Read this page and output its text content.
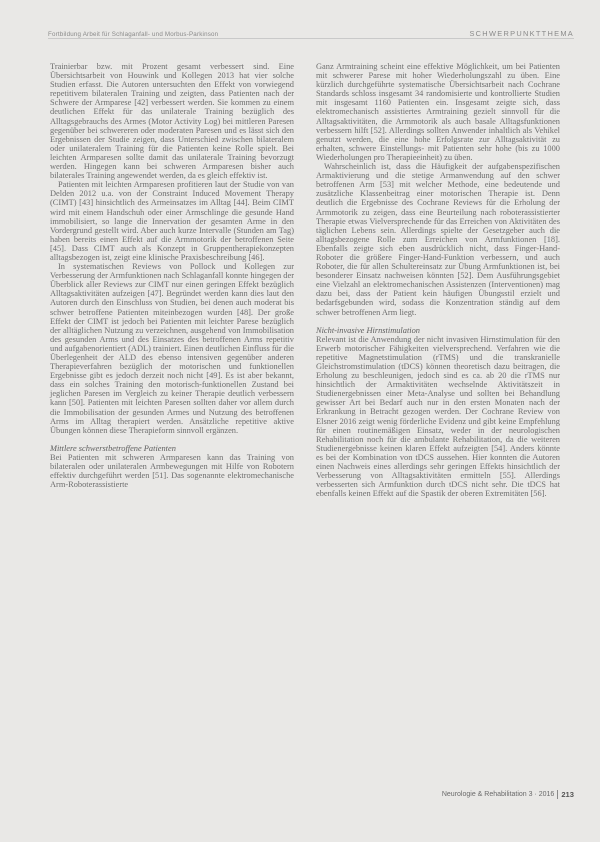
Fortbildung Arbeit für Schlaganfall- und Morbus-Parkinson	SCHWERPUNKTTHEMA

Trainierbar bzw. mit Prozent gesamt verbessert sind. Eine Übersichtsarbeit von Houwink und Kollegen 2013 hat vier solche Studien erfasst. Die Autoren untersuchten den Effekt von vorwiegend repetitivem bilateralen Training und zeigten, dass Patienten nach der Schwere der Armparese [42] verbessert werden. Sie kommen zu einem deutlichen Effekt für das unilaterale Training bezüglich des Alltagsgebrauchs des Armes (Motor Activity Log) bei mittleren Paresen gegenüber bei schwereren oder moderaten Paresen und es lässt sich den Ergebnissen der Studie zeigen, dass Unterschied zwischen bilateralem oder unilateralem Training für die Patienten keine Rolle spielt. Bei leichten Armparesen sollte damit das unilaterale Training bevorzugt werden. Hingegen kann bei schweren Armparesen bisher auch bilaterales Training angewendet werden, da es gleich effektiv ist.

Patienten mit leichten Armparesen profitieren laut der Studie von van Delden 2012 u.a. von der Constraint Induced Movement Therapy (CIMT) [43] hinsichtlich des Armeinsatzes im Alltag [44]. Beim CIMT wird mit einem Handschuh oder einer Armschlinge die gesunde Hand immobilisiert, so lange die Innervation der gesamten Arme in den Vordergrund gestellt wird. Aber auch kurze Intervalle (Stunden am Tag) haben bereits einen Effekt auf die Armmotorik der betroffenen Seite [45]. Dass CIMT auch als Konzept in Gruppentherapiekonzepten alltagsbezogen ist, zeigt eine klinische Praxisbeschreibung [46].

In systematischen Reviews von Pollock und Kollegen zur Verbesserung der Armfunktionen nach Schlaganfall konnte hingegen der Überblick aller Reviews zur CIMT nur einen geringen Effekt bezüglich Alltagsaktivitäten aufzeigen [47]. Begründet werden kann dies laut den Autoren durch den Einschluss von Studien, bei denen auch moderat bis schwer betroffene Patienten miteinbezogen wurden [48]. Der große Effekt der CIMT ist jedoch bei Patienten mit leichter Parese bezüglich der alltäglichen Nutzung zu verzeichnen, ausgehend von Immobilisation des gesunden Arms und des Einsatzes des betroffenen Arms repetitiv und aufgabenorientiert (ADL) trainiert. Einen deutlichen Einfluss für die Überlegenheit der ALD des ebenso intensiven gegenüber anderen Therapieverfahren bezüglich der motorischen und funktionellen Ergebnisse gibt es jedoch derzeit noch nicht [49]. Es ist aber bekannt, dass ein solches Training den motorisch-funktionellen Zustand bei jeglichen Paresen im Vergleich zu keiner Therapie deutlich verbessern kann [50]. Patienten mit leichten Paresen sollten daher vor allem durch die Immobilisation der gesunden Armes und Nutzung des betroffenen Arms im Alltag therapiert werden. Ansätzliche repetitive aktive Übungen können diese Therapieform sinnvoll ergänzen.

Mittlere schwerstbetroffene Patienten

Bei Patienten mit schweren Armparesen kann das Training von bilateralen oder unilateralen Armbewegungen mit Hilfe von Robotern effektiv durchgeführt werden [51]. Das sogenannte elektromechanische Arm-Roboterassistierte

Ganz Armtraining scheint eine effektive Möglichkeit, um bei Patienten mit schwerer Parese mit hoher Wiederholungszahl zu üben. Eine kürzlich durchgeführte systematische Übersichtsarbeit nach Cochrane Standards schloss insgesamt 34 randomisierte und kontrollierte Studien mit insgesamt 1160 Patienten ein. Insgesamt zeigte sich, dass elektromechanisch assistiertes Armtraining gezielt sinnvoll für die Alltagsaktivitäten, die Armmotorik als auch basale Alltagsfunktionen verbessern hilft [52]. Allerdings sollten Anwender inhaltlich als Vehikel genutzt werden, die eine hohe Erfolgsrate zur Alltagsaktivität zu erhalten, schwere Einstellungs- mit Patienten sehr hohe (bis zu 1000 Wiederholungen pro Therapieeinheit) zu üben.

Wahrscheinlich ist, dass die Häufigkeit der aufgabenspezifischen Armaktivierung und die stetige Armanwendung auf den schwer betroffenen Arm [53] mit welcher Methode, eine bedeutende und zusätzliche Klassenbeitrag einer motorischen Therapie ist. Denn deutlich die Ergebnisse des Cochrane Reviews für die Erholung der Armmotorik zu zeigen, dass eine Beurteilung nach roboterassistierter Therapie etwas Vielversprechende für das Erreichen von Aktivitäten des täglichen Lebens sein. Allerdings spielte der Gesetzgeber auch die alltagsbezogene Rolle zum Erreichen von Armfunktionen [18]. Ebenfalls zeigte sich eben ausdrücklich nicht, dass Finger-Hand-Roboter die größere Finger-Hand-Funktion verbessern, und auch Roboter, die für allen Schultereinsatz zur Übung Armfunktionen ist, bei besonderer Einsatz nachweisen könnten [52]. Dem Ausführungsgebiet eine Vielzahl an elektromechanischen Assistenzen (Interventionen) mag dazu bei, dass der Patient kein häufigen Übungsstil erzielt und bedarfsgebunden wird, sodass die Konzentration ständig auf dem schwer betroffenen Arm liegt.

Nicht-invasive Hirnstimulation

Relevant ist die Anwendung der nicht invasiven Hirnstimulation für den Erwerb motorischer Fähigkeiten vielversprechend. Verfahren wie die repetitive Magnetstimulation (rTMS) und die transkranielle Gleichstromstimulation (tDCS) können theoretisch dazu beitragen, die Erholung zu beschleunigen, jedoch sind es ca. ab 20 die rTMS nur hinsichtlich der Armaktivitäten wechselnde Aktivitätszeit in Studienergebnissen einer Meta-Analyse und sollten bei Behandlung gewisser Art bei Bedarf auch nur in den ersten Monaten nach der Erkrankung in Betracht gezogen werden. Der Cochrane Review von Elsner 2016 zeigt wenig förderliche Evidenz und gibt keine Empfehlung für einen routinemäßigen Einsatz, weder in der neurologischen Rehabilitation noch für die ambulante Rehabilitation, da die weiteren Studienergebnisse keinen klaren Effekt aufzeigten [54]. Anders könnte es bei der Kombination von tDCS aussehen. Hier konnten die Autoren einen Nachweis eines allerdings sehr geringen Effekts hinsichtlich der Verbesserung von Alltagsaktivitäten ermitteln [55]. Allerdings verbesserten sich Armfunktion durch tDCS nicht sehr. Die tDCS hat ebenfalls keinen Effekt auf die Spastik der oberen Extremitäten [56].

Neurologie & Rehabilitation 3 · 2016 213
